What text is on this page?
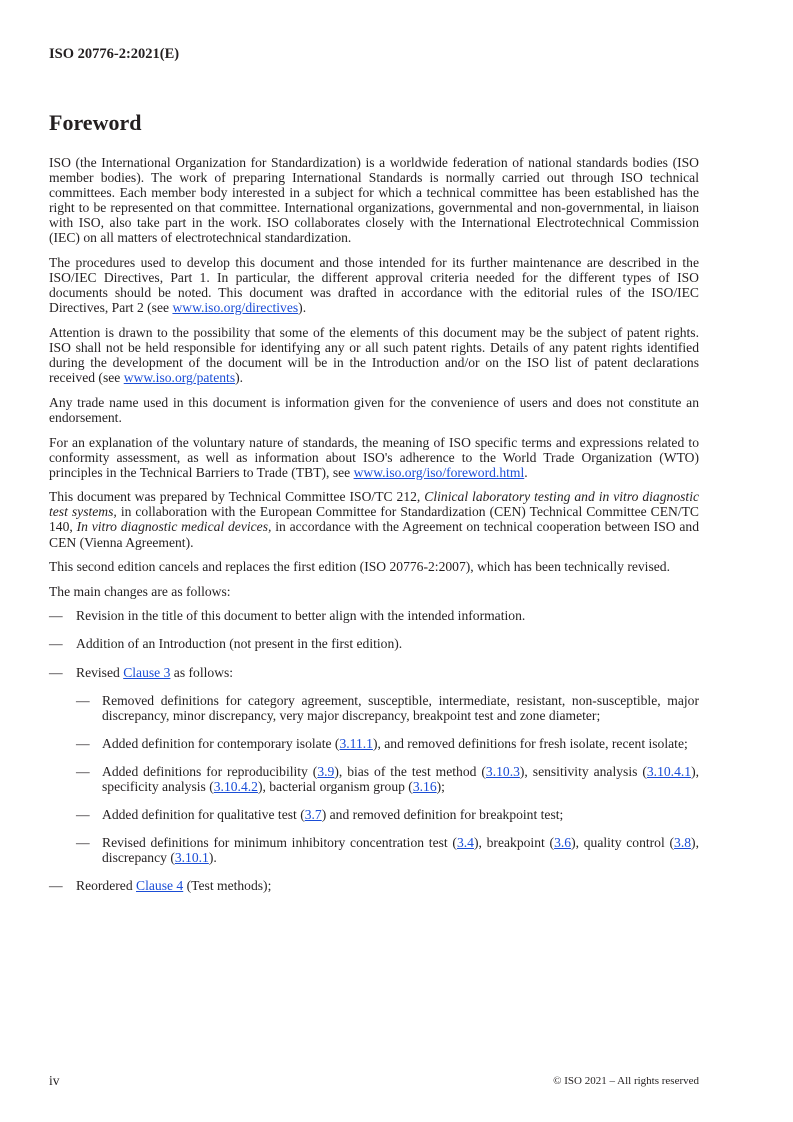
ISO 20776-2:2021(E)
Foreword
ISO (the International Organization for Standardization) is a worldwide federation of national standards bodies (ISO member bodies). The work of preparing International Standards is normally carried out through ISO technical committees. Each member body interested in a subject for which a technical committee has been established has the right to be represented on that committee. International organizations, governmental and non-governmental, in liaison with ISO, also take part in the work. ISO collaborates closely with the International Electrotechnical Commission (IEC) on all matters of electrotechnical standardization.
The procedures used to develop this document and those intended for its further maintenance are described in the ISO/IEC Directives, Part 1. In particular, the different approval criteria needed for the different types of ISO documents should be noted. This document was drafted in accordance with the editorial rules of the ISO/IEC Directives, Part 2 (see www.iso.org/directives).
Attention is drawn to the possibility that some of the elements of this document may be the subject of patent rights. ISO shall not be held responsible for identifying any or all such patent rights. Details of any patent rights identified during the development of the document will be in the Introduction and/or on the ISO list of patent declarations received (see www.iso.org/patents).
Any trade name used in this document is information given for the convenience of users and does not constitute an endorsement.
For an explanation of the voluntary nature of standards, the meaning of ISO specific terms and expressions related to conformity assessment, as well as information about ISO's adherence to the World Trade Organization (WTO) principles in the Technical Barriers to Trade (TBT), see www.iso.org/iso/foreword.html.
This document was prepared by Technical Committee ISO/TC 212, Clinical laboratory testing and in vitro diagnostic test systems, in collaboration with the European Committee for Standardization (CEN) Technical Committee CEN/TC 140, In vitro diagnostic medical devices, in accordance with the Agreement on technical cooperation between ISO and CEN (Vienna Agreement).
This second edition cancels and replaces the first edition (ISO 20776-2:2007), which has been technically revised.
The main changes are as follows:
— Revision in the title of this document to better align with the intended information.
— Addition of an Introduction (not present in the first edition).
— Revised Clause 3 as follows:
— Removed definitions for category agreement, susceptible, intermediate, resistant, non-susceptible, major discrepancy, minor discrepancy, very major discrepancy, breakpoint test and zone diameter;
— Added definition for contemporary isolate (3.11.1), and removed definitions for fresh isolate, recent isolate;
— Added definitions for reproducibility (3.9), bias of the test method (3.10.3), sensitivity analysis (3.10.4.1), specificity analysis (3.10.4.2), bacterial organism group (3.16);
— Added definition for qualitative test (3.7) and removed definition for breakpoint test;
— Revised definitions for minimum inhibitory concentration test (3.4), breakpoint (3.6), quality control (3.8), discrepancy (3.10.1).
— Reordered Clause 4 (Test methods);
iv	© ISO 2021 – All rights reserved
